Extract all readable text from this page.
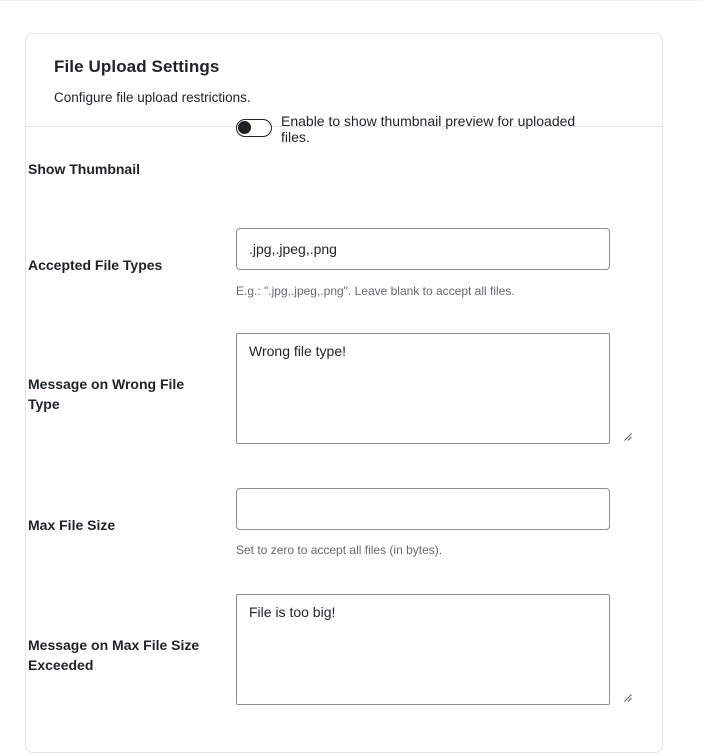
File Upload Settings
Configure file upload restrictions.
Show Thumbnail
Enable to show thumbnail preview for uploaded files.
Accepted File Types
.jpg,.jpeg,.png
E.g.: ".jpg,.jpeg,.png". Leave blank to accept all files.
Message on Wrong File Type
Wrong file type!
Max File Size
Set to zero to accept all files (in bytes).
Message on Max File Size Exceeded
File is too big!
